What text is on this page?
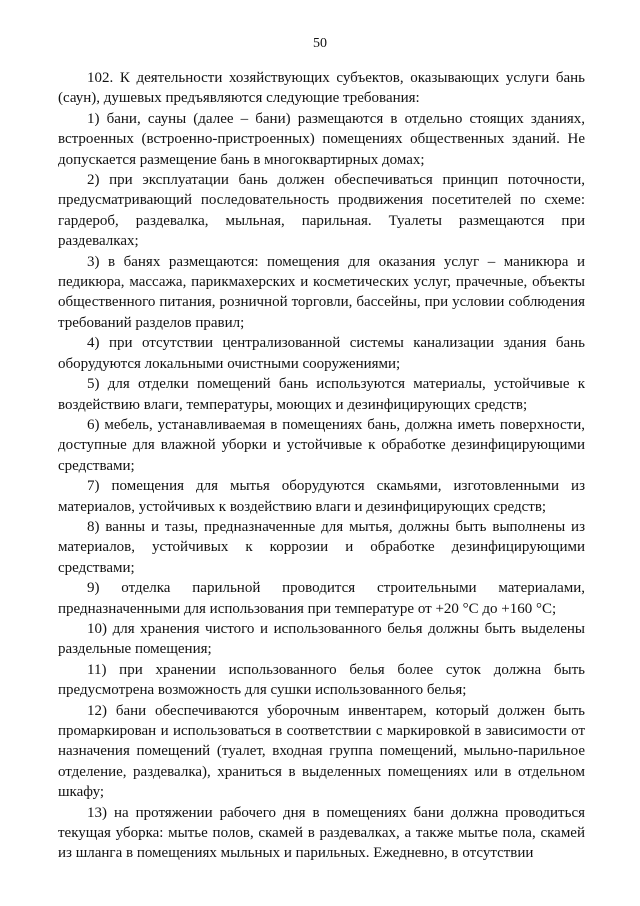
50

102. К деятельности хозяйствующих субъектов, оказывающих услуги бань (саун), душевых предъявляются следующие требования:

1) бани, сауны (далее – бани) размещаются в отдельно стоящих зданиях, встроенных (встроенно-пристроенных) помещениях общественных зданий. Не допускается размещение бань в многоквартирных домах;

2) при эксплуатации бань должен обеспечиваться принцип поточности, предусматривающий последовательность продвижения посетителей по схеме: гардероб, раздевалка, мыльная, парильная. Туалеты размещаются при раздевалках;

3) в банях размещаются: помещения для оказания услуг – маникюра и педикюра, массажа, парикмахерских и косметических услуг, прачечные, объекты общественного питания, розничной торговли, бассейны, при условии соблюдения требований разделов правил;

4) при отсутствии централизованной системы канализации здания бань оборудуются локальными очистными сооружениями;

5) для отделки помещений бань используются материалы, устойчивые к воздействию влаги, температуры, моющих и дезинфицирующих средств;

6) мебель, устанавливаемая в помещениях бань, должна иметь поверхности, доступные для влажной уборки и устойчивые к обработке дезинфицирующими средствами;

7) помещения для мытья оборудуются скамьями, изготовленными из материалов, устойчивых к воздействию влаги и дезинфицирующих средств;

8) ванны и тазы, предназначенные для мытья, должны быть выполнены из материалов, устойчивых к коррозии и обработке дезинфицирующими средствами;

9) отделка парильной проводится строительными материалами, предназначенными для использования при температуре от +20 °С до +160 °С;

10) для хранения чистого и использованного белья должны быть выделены раздельные помещения;

11) при хранении использованного белья более суток должна быть предусмотрена возможность для сушки использованного белья;

12) бани обеспечиваются уборочным инвентарем, который должен быть промаркирован и использоваться в соответствии с маркировкой в зависимости от назначения помещений (туалет, входная группа помещений, мыльно-парильное отделение, раздевалка), храниться в выделенных помещениях или в отдельном шкафу;

13) на протяжении рабочего дня в помещениях бани должна проводиться текущая уборка: мытье полов, скамей в раздевалках, а также мытье пола, скамей из шланга в помещениях мыльных и парильных. Ежедневно, в отсутствии
